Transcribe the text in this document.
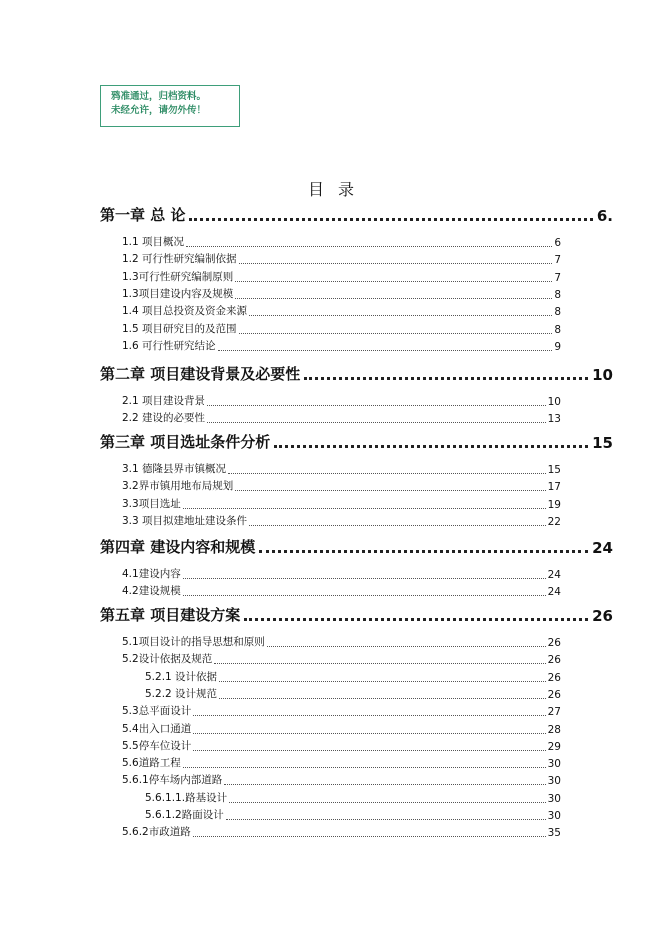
鸦准通过，归档资料。
未经允许，请勿外传！
目录
第一章 总 论	6.
1.1 项目概况	6
1.2 可行性研究编制依据	7
1.3可行性研究编制原则	7
1.3项目建设内容及规模	8
1.4 项目总投资及资金来源	8
1.5 项目研究目的及范围	8
1.6 可行性研究结论	9
第二章 项目建设背景及必要性	10
2.1 项目建设背景	10
2.2 建设的必要性	13
第三章 项目选址条件分析	15
3.1 德隆县界市镇概况	15
3.2界市镇用地布局规划	17
3.3项目选址	19
3.3 项目拟建地址建设条件	22
第四章 建设内容和规模	24
4.1建设内容	24
4.2建设规模	24
第五章 项目建设方案	26
5.1项目设计的指导思想和原则	26
5.2设计依据及规范	26
5.2.1 设计依据	26
5.2.2 设计规范	26
5.3总平面设计	27
5.4出入口通道	28
5.5停车位设计	29
5.6道路工程	30
5.6.1停车场内部道路	30
5.6.1.1.路基设计	30
5.6.1.2路面设计	30
5.6.2市政道路	35
